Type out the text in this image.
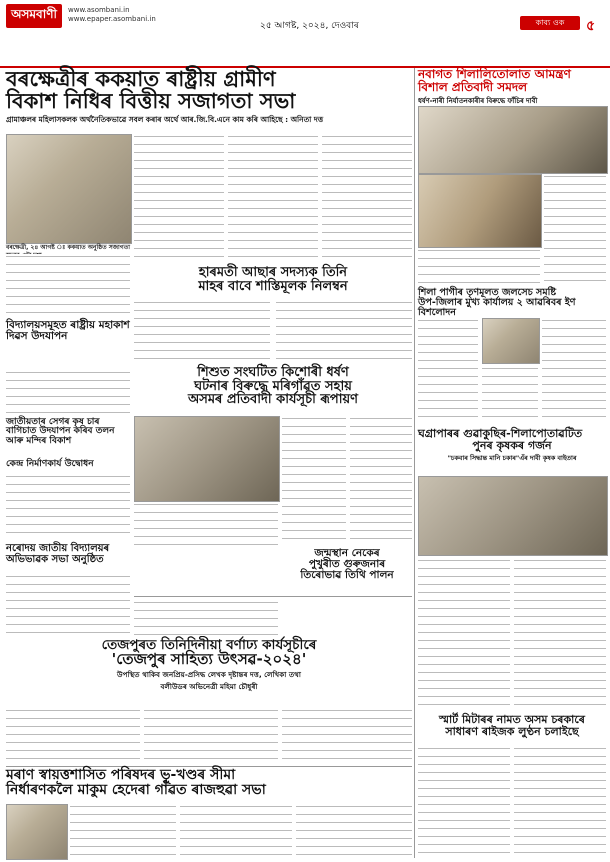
অসমবাণী	www.asombani.in
www.epaper.asombani.in
২৫ আগষ্ট, ২০২৪, দেওবাৰ	কাব্য
ওক ৫
বৰক্ষেত্ৰীৰ ককয়াত ৰাষ্ট্ৰীয় গ্ৰামীণ
বিকাশ নিধিৰ বিত্তীয় সজাগতা সভা
গ্ৰামাঞ্চলৰ মহিলাসকলক অৰ্থনৈতিকভাৱে সবল কৰাৰ অৰ্থে আৰ.জি.বি.এনে কাম কৰি আহিছে : অনিতা দত্ত
বৰক্ষেত্ৰী, ২৪ আগষ্ট ঃ ককয়াত অনুষ্ঠিত সজাগতা
হাৰমতী আছাৰ সদস্যক তিনি
মাহৰ বাবে শাস্তিমূলক নিলম্বন
বিদ্যালয়সমূহত ৰাষ্ট্ৰীয় মহাকাশ দিৱস উদযাপন
জাতীয়তাৰ সেগৰ কৃষ চাৰ বাগিচাত উদযাপন কৰিব তলন আৰু মন্দিৰ বিকাশ
কেন্দ্ৰ নিৰ্মাণকাৰ্য উদ্বোধন
নৰোদয় জাতীয় বিদ্যালয়ৰ অভিভাৱক সভা অনুষ্ঠিত
শিশুত সংঘটিত কিশোৰী ধৰ্ষণ
ঘটনাৰ বিৰুদ্ধে মৰিগাঁৱত সহায়
অসমৰ প্ৰতিবাদী কাৰ্যসূচী ৰূপায়ণ
নবাগত শিলালিতোলাত আমন্ত্ৰণ
বিশাল প্ৰতিবাদী সমদল
ধৰ্ষণ-নাৰী নিৰ্যাতনকাৰীৰ বিৰুদ্ধে ফাঁচিৰ দাবী
শিলা পাগীৰ তৃণমূলত জলসেচ সমষ্টি
উপ-জিলাৰ মুখ্য কাৰ্যালয় ২ আৱৰিবৰ ইণ বিশলোদন
ঘগ্ৰাপাৰৰ গুৱাকুছিৰ-শিলাপোতাৱটিত
পুনৰ কৃষকৰ গৰ্জন
"চকবাৰ সিদ্ধান্ত মানি চকাৰ"এঁৰ দাবী কৃষক বাইতাৰ
জন্মস্থান নেকেৰ
পুখুৰীত গুৰুজনাৰ
তিৰোভাৱ তিথি পালন
তেজপুৰত তিনিদিনীয়া বৰ্ণাঢ্য কাৰ্যসূচীৰে
'তেজপুৰ সাহিত্য উৎসৱ-২০২৪'
উপস্থিত থাকিব জনপ্ৰিয়-প্ৰসিদ্ধ লেখক দৃষ্টান্তৰ দত্ত, লেখিকা তথা
বলীউডৰ অভিনেত্ৰী মহিমা চৌধুৰী
মৰাণ স্বায়ত্তশাসিত পৰিষদৰ ভূ-খণ্ডৰ সীমা
নিৰ্ধাৰণকলৈ মাকুম হেদেৰা গাঁৱত ৰাজহুৱা সভা
স্মাৰ্ট মিটাৰৰ নামত অসম চৰকাৰে
সাধাৰণ ৰাইজক লুণ্ঠন চলাইছে
